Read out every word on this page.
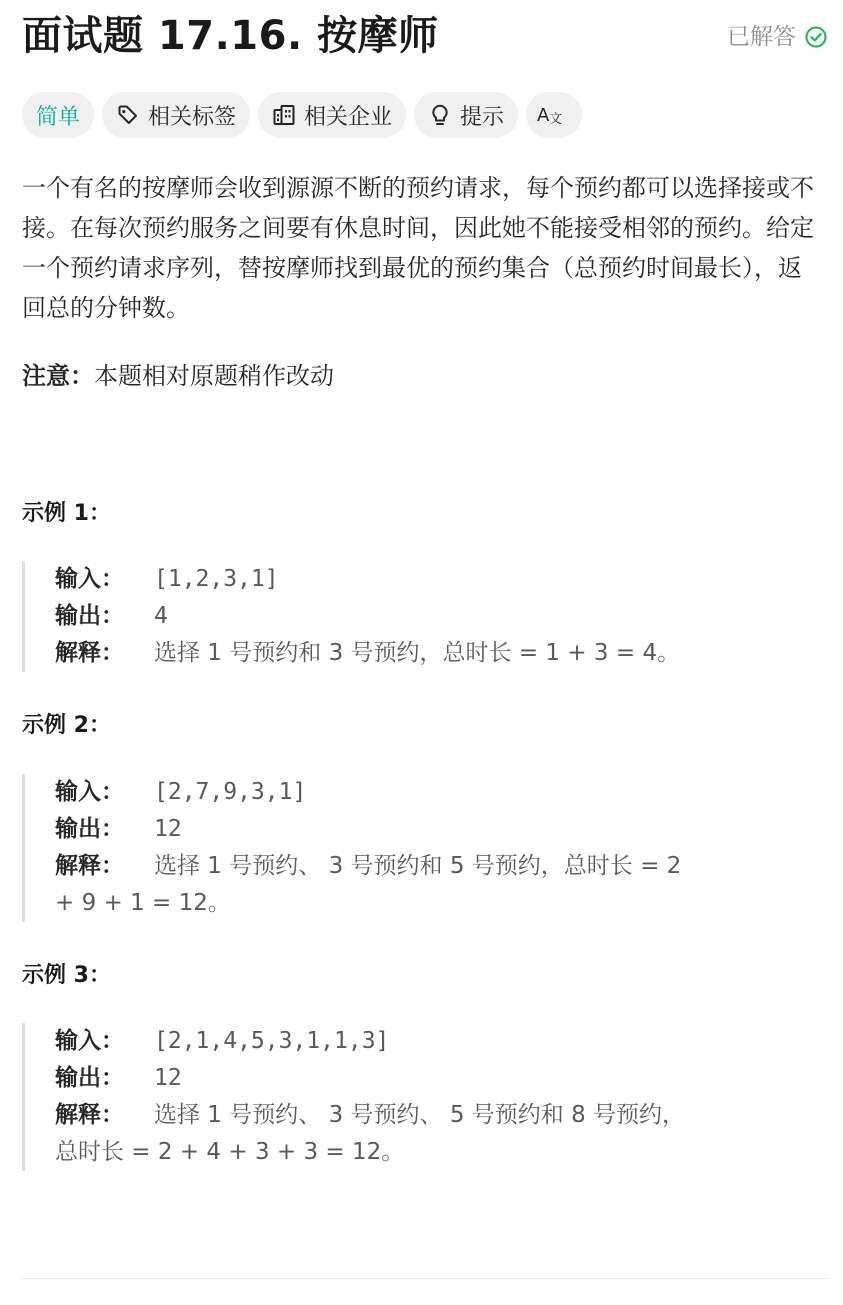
面试题 17.16. 按摩师	已解答
简单	相关标签	相关企业	提示 A 文

一个有名的按摩师会收到源源不断的预约请求，每个预约都可以选择接或不接。在每次预约服务之间要有休息时间，因此她不能接受相邻的预约。给定一个预约请求序列，替按摩师找到最优的预约集合（总预约时间最长），返回总的分钟数。

注意：本题相对原题稍作改动

示例 1：

输入： [1,2,3,1]
输出： 4
解释： 选择 1 号预约和 3 号预约，总时长 = 1 + 3 = 4。

示例 2：

输入： [2,7,9,3,1]
输出： 12
解释： 选择 1 号预约、 3 号预约和 5 号预约，总时长 = 2
+ 9 + 1 = 12。

示例 3：

输入： [2,1,4,5,3,1,1,3]
输出： 12
解释： 选择 1 号预约、 3 号预约、 5 号预约和 8 号预约，
总时长 = 2 + 4 + 3 + 3 = 12。
